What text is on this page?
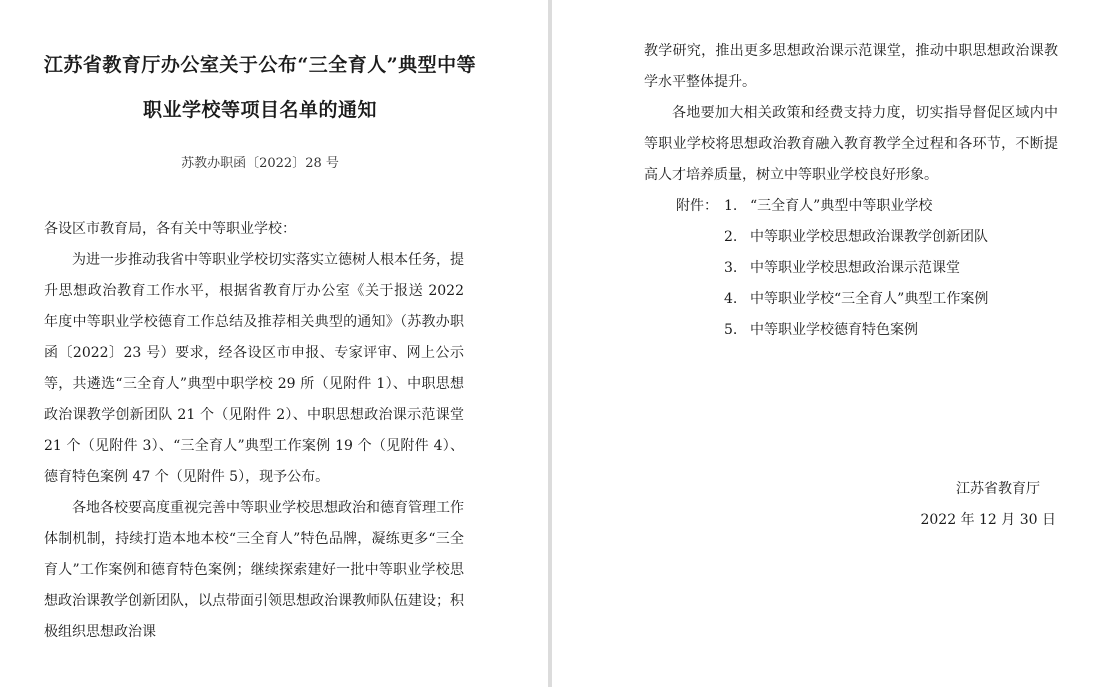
江苏省教育厅办公室关于公布“三全育人”典型中等
职业学校等项目名单的通知
苏教办职函〔2022〕28 号

各设区市教育局，各有关中等职业学校：

为进一步推动我省中等职业学校切实落实立德树人根本任务，提升思想政治教育工作水平，根据省教育厅办公室《关于报送 2022 年度中等职业学校德育工作总结及推荐相关典型的通知》（苏教办职函〔2022〕23 号）要求，经各设区市申报、专家评审、网上公示等，共遴选“三全育人”典型中职学校 29 所（见附件 1）、中职思想政治课教学创新团队 21 个（见附件 2）、中职思想政治课示范课堂 21 个（见附件 3）、“三全育人”典型工作案例 19 个（见附件 4）、德育特色案例 47 个（见附件 5），现予公布。

各地各校要高度重视完善中等职业学校思想政治和德育管理工作体制机制，持续打造本地本校“三全育人”特色品牌，凝练更多“三全育人”工作案例和德育特色案例；继续探索建好一批中等职业学校思想政治课教学创新团队，以点带面引领思想政治课教师队伍建设；积极组织思想政治课

教学研究，推出更多思想政治课示范课堂，推动中职思想政治课教学水平整体提升。

各地要加大相关政策和经费支持力度，切实指导督促区域内中等职业学校将思想政治教育融入教育教学全过程和各环节，不断提高人才培养质量，树立中等职业学校良好形象。

附件： 1. “三全育人”典型中等职业学校
2. 中等职业学校思想政治课教学创新团队
3. 中等职业学校思想政治课示范课堂
4. 中等职业学校“三全育人”典型工作案例
5. 中等职业学校德育特色案例
江苏省教育厅
2022 年 12 月 30 日
